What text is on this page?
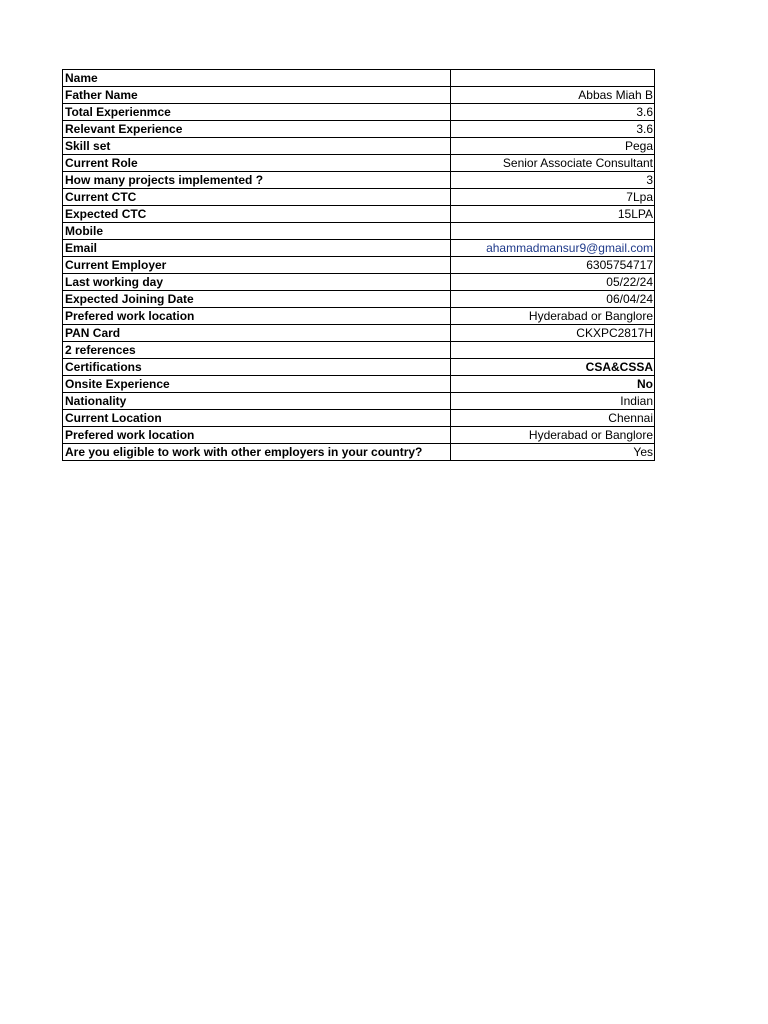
Name	
Father Name	Abbas Miah B
Total Experienmce	3.6
Relevant Experience	3.6
Skill set	Pega
Current Role	Senior Associate Consultant
How many projects implemented ?	3
Current CTC	7Lpa
Expected CTC	15LPA
Mobile	
Email	ahammadmansur9@gmail.com
Current Employer	6305754717
Last working day	05/22/24
Expected Joining Date	06/04/24
Prefered work location	Hyderabad or Banglore
PAN Card	CKXPC2817H
2 references	
Certifications	CSA&CSSA
Onsite Experience	No
Nationality	Indian
Current Location	Chennai
Prefered work location	Hyderabad or Banglore
Are you eligible to work with other employers in your country?	Yes
